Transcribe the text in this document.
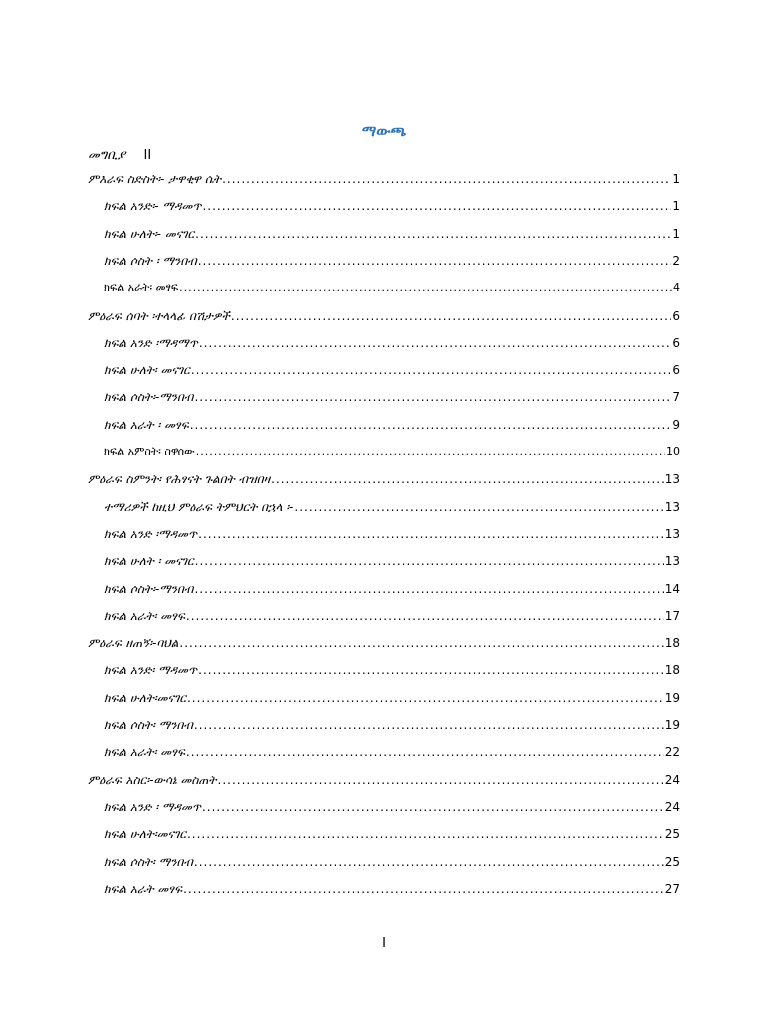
ማውጫ
መግቢያ II
ምእራፍ ስድስት፡- ታዋቂዋ ሴት .....	1
ክፍል አንድ፡- ማዳመጥ .....	1
ክፍል ሁለት፡- መናገር .....	1
ክፍል ሶስት ፡ ማንበብ .....	2
ክፍል አራት፡ መፃፍ .....	4
ምዕራፍ ሰባት ፡ተላላፊ በሽታዎች .....	6
ክፍል አንድ ፡ማዳማጥ .....	6
ክፍል ሁለት፡ መናገር .....	6
ክፍል ሶስት፡-ማንበብ .....	7
ክፍል አራት ፡ መፃፍ .....	9
ክፍል አምስት፡ ስዋሰው .....	10
ምዕራፍ ስምንት፡ የሕፃናት ጉልበት ብዝበዛ .....	13
ተማሪዎች ከዚህ ምዕራፍ ትምህርት በኋላ ፡- .....	13
ክፍል አንድ ፡ማዳመጥ .....	13
ክፍል ሁለት ፡ መናገር .....	13
ክፍል ሶስት፡-ማንበብ .....	14
ክፍል አራት፡ መፃፍ .....	17
ምዕራፍ ዘጠኝ፡-ባህል .....	18
ክፍል አንድ፡ ማዳመጥ .....	18
ክፍል ሁለት፡መናገር .....	19
ክፍል ሶስት፡ ማንበብ .....	19
ክፍል አራት፡ መፃፍ .....	22
ምዕራፍ አስር፡-ውሳኔ መስጠት .....	24
ክፍል አንድ ፡ ማዳመጥ .....	24
ክፍል ሁለት፡መናገር .....	25
ክፍል ሶስት፡ ማንበብ .....	25
ክፍል አራት መፃፍ .....	27
I
